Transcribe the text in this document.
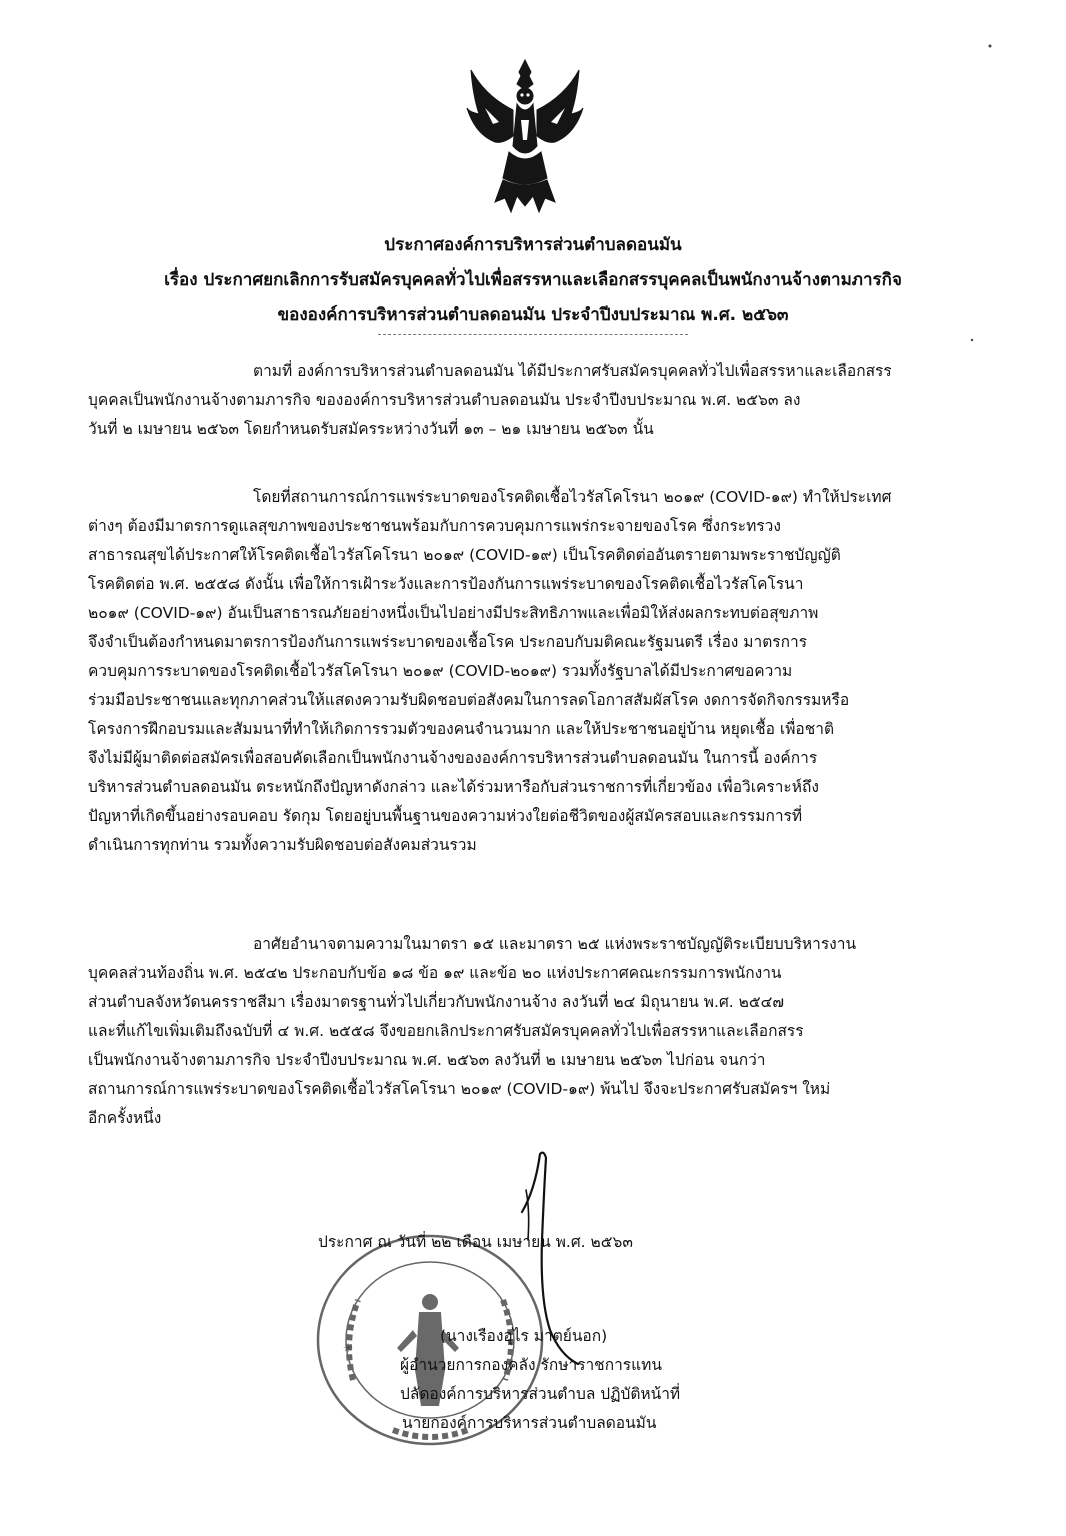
ประกาศองค์การบริหารส่วนตำบลดอนมัน
เรื่อง ประกาศยกเลิกการรับสมัครบุคคลทั่วไปเพื่อสรรหาและเลือกสรรบุคคลเป็นพนักงานจ้างตามภารกิจ
ขององค์การบริหารส่วนตำบลดอนมัน ประจำปีงบประมาณ พ.ศ. ๒๕๖๓
ตามที่ องค์การบริหารส่วนตำบลดอนมัน ได้มีประกาศรับสมัครบุคคลทั่วไปเพื่อสรรหาและเลือกสรร
บุคคลเป็นพนักงานจ้างตามภารกิจ ขององค์การบริหารส่วนตำบลดอนมัน ประจำปีงบประมาณ พ.ศ. ๒๕๖๓ ลง
วันที่ ๒ เมษายน ๒๕๖๓ โดยกำหนดรับสมัครระหว่างวันที่ ๑๓ – ๒๑ เมษายน ๒๕๖๓ นั้น
โดยที่สถานการณ์การแพร่ระบาดของโรคติดเชื้อไวรัสโคโรนา ๒๐๑๙ (COVID-๑๙) ทำให้ประเทศ
ต่างๆ ต้องมีมาตรการดูแลสุขภาพของประชาชนพร้อมกับการควบคุมการแพร่กระจายของโรค ซึ่งกระทรวง
สาธารณสุขได้ประกาศให้โรคติดเชื้อไวรัสโคโรนา ๒๐๑๙ (COVID-๑๙) เป็นโรคติดต่ออันตรายตามพระราชบัญญัติ
โรคติดต่อ พ.ศ. ๒๕๕๘ ดังนั้น เพื่อให้การเฝ้าระวังและการป้องกันการแพร่ระบาดของโรคติดเชื้อไวรัสโคโรนา
๒๐๑๙ (COVID-๑๙) อันเป็นสาธารณภัยอย่างหนึ่งเป็นไปอย่างมีประสิทธิภาพและเพื่อมิให้ส่งผลกระทบต่อสุขภาพ
จึงจำเป็นต้องกำหนดมาตรการป้องกันการแพร่ระบาดของเชื้อโรค ประกอบกับมติคณะรัฐมนตรี เรื่อง มาตรการ
ควบคุมการระบาดของโรคติดเชื้อไวรัสโคโรนา ๒๐๑๙ (COVID-๒๐๑๙) รวมทั้งรัฐบาลได้มีประกาศขอความ
ร่วมมือประชาชนและทุกภาคส่วนให้แสดงความรับผิดชอบต่อสังคมในการลดโอกาสสัมผัสโรค งดการจัดกิจกรรมหรือ
โครงการฝึกอบรมและสัมมนาที่ทำให้เกิดการรวมตัวของคนจำนวนมาก และให้ประชาชนอยู่บ้าน หยุดเชื้อ เพื่อชาติ
จึงไม่มีผู้มาติดต่อสมัครเพื่อสอบคัดเลือกเป็นพนักงานจ้างขององค์การบริหารส่วนตำบลดอนมัน ในการนี้ องค์การ
บริหารส่วนตำบลดอนมัน ตระหนักถึงปัญหาดังกล่าว และได้ร่วมหารือกับส่วนราชการที่เกี่ยวข้อง เพื่อวิเคราะห์ถึง
ปัญหาที่เกิดขึ้นอย่างรอบคอบ รัดกุม โดยอยู่บนพื้นฐานของความห่วงใยต่อชีวิตของผู้สมัครสอบและกรรมการที่
ดำเนินการทุกท่าน รวมทั้งความรับผิดชอบต่อสังคมส่วนรวม
อาศัยอำนาจตามความในมาตรา ๑๕ และมาตรา ๒๕ แห่งพระราชบัญญัติระเบียบบริหารงาน
บุคคลส่วนท้องถิ่น พ.ศ. ๒๕๔๒ ประกอบกับข้อ ๑๘ ข้อ ๑๙ และข้อ ๒๐ แห่งประกาศคณะกรรมการพนักงาน
ส่วนตำบลจังหวัดนครราชสีมา เรื่องมาตรฐานทั่วไปเกี่ยวกับพนักงานจ้าง ลงวันที่ ๒๔ มิถุนายน พ.ศ. ๒๕๔๗
และที่แก้ไขเพิ่มเติมถึงฉบับที่ ๔ พ.ศ. ๒๕๕๘ จึงขอยกเลิกประกาศรับสมัครบุคคลทั่วไปเพื่อสรรหาและเลือกสรร
เป็นพนักงานจ้างตามภารกิจ ประจำปีงบประมาณ พ.ศ. ๒๕๖๓ ลงวันที่ ๒ เมษายน ๒๕๖๓ ไปก่อน จนกว่า
สถานการณ์การแพร่ระบาดของโรคติดเชื้อไวรัสโคโรนา ๒๐๑๙ (COVID-๑๙) พ้นไป จึงจะประกาศรับสมัครฯ ใหม่
อีกครั้งหนึ่ง
✳
ประกาศ ณ วันที่ ๒๒ เดือน เมษายน พ.ศ. ๒๕๖๓
(นางเรืองอุไร มาตย์นอก)
ผู้อำนวยการกองคลัง รักษาราชการแทน
ปลัดองค์การบริหารส่วนตำบล ปฏิบัติหน้าที่
นายกองค์การบริหารส่วนตำบลดอนมัน
